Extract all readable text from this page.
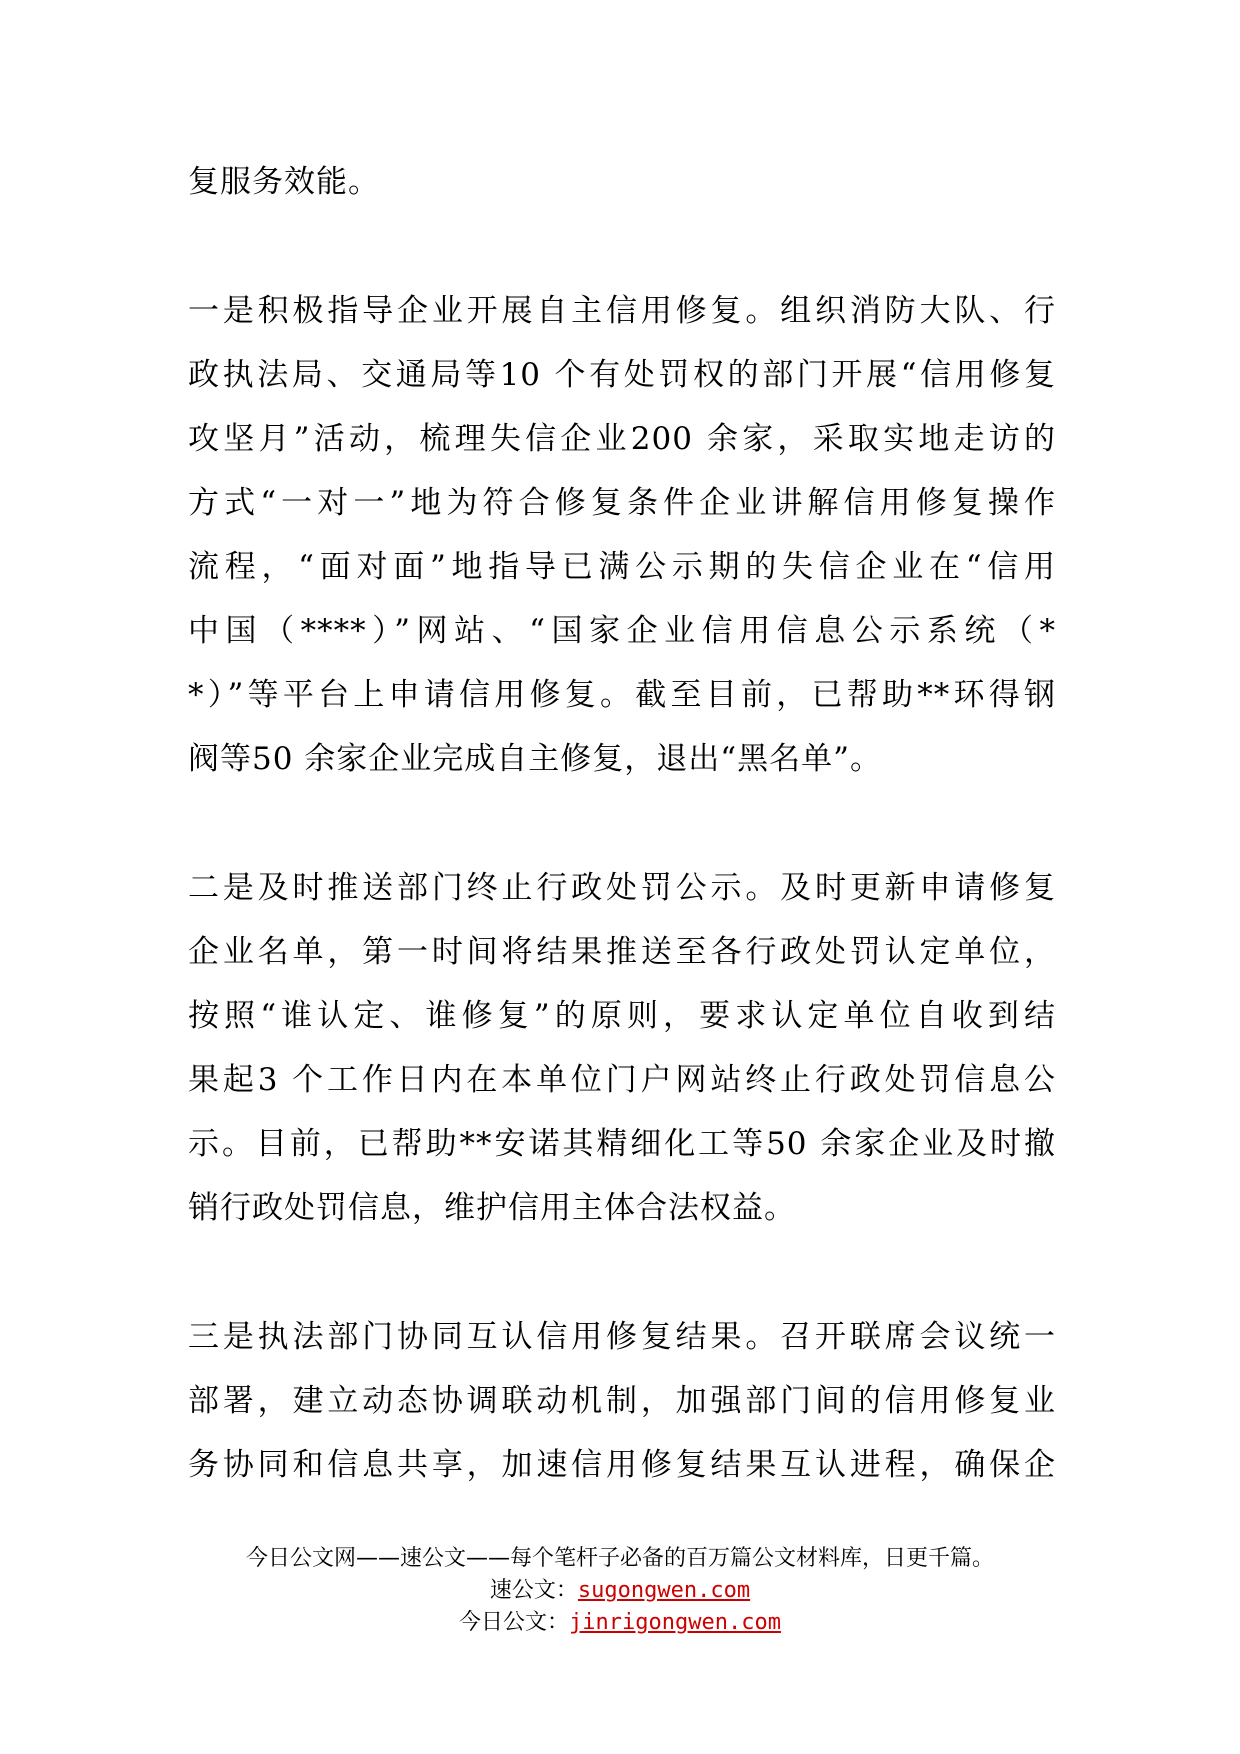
复服务效能。
一是积极指导企业开展自主信用修复。组织消防大队、行
政执法局、交通局等10 个有处罚权的部门开展“信用修复
攻坚月”活动，梳理失信企业200 余家，采取实地走访的
方式“一对一”地为符合修复条件企业讲解信用修复操作
流程，“面对面”地指导已满公示期的失信企业在“信用
中国（****）”网站、“国家企业信用信息公示系统（*
*）”等平台上申请信用修复。截至目前，已帮助**环得钢
阀等50 余家企业完成自主修复，退出“黑名单”。
二是及时推送部门终止行政处罚公示。及时更新申请修复
企业名单，第一时间将结果推送至各行政处罚认定单位，
按照“谁认定、谁修复”的原则，要求认定单位自收到结
果起3 个工作日内在本单位门户网站终止行政处罚信息公
示。目前，已帮助**安诺其精细化工等50 余家企业及时撤
销行政处罚信息，维护信用主体合法权益。
三是执法部门协同互认信用修复结果。召开联席会议统一
部署，建立动态协调联动机制，加强部门间的信用修复业
务协同和信息共享，加速信用修复结果互认进程，确保企
今日公文网——速公文——每个笔杆子必备的百万篇公文材料库，日更千篇。
速公文：sugongwen.com
今日公文：jinrigongwen.com
